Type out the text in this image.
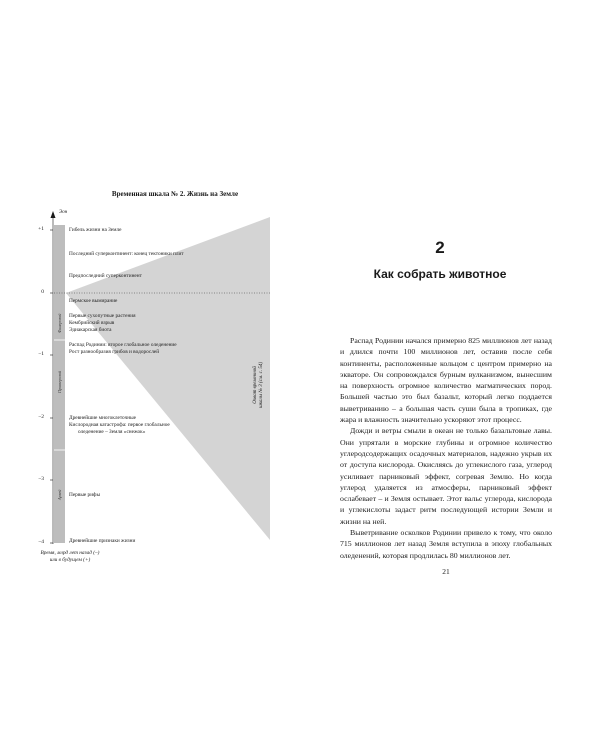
Временная шкала № 2. Жизнь на Земле
Эон
+1
0
−1
−2
−3
−4
Фанерозой
Протерозой
Архей
Гибель жизни на Земле
Последний суперконтинент: конец тектоники плит
Предпоследний суперконтинент
Пермское вымирание
Первые сухопутные растения
Кембрийский взрыв
Эдиакарская биота
Распад Родинии: второе глобальное оледенение
Рост разнообразия грибов и водорослей
Древнейшие многоклеточные
Кислородная катастрофа: первое глобальное
оледенение – Земля «снежок»
Первые рифы
Древнейшие признаки жизни
Охват временной шкалы № 3 (см. с. 54)
Время, млрд лет назад (–)
или в будущем (+)
2
Как собрать животное

Распад Родинии начался примерно 825 миллионов лет назад и длился почти 100 миллионов лет, оставив после себя континенты, расположенные кольцом с центром примерно на экваторе. Он сопровождался бурным вулканизмом, вынесшим на поверхность огромное количество магматических пород. Большей частью это был базальт, который легко поддается выветриванию – а большая часть суши была в тропиках, где жара и влажность значительно ускоряют этот процесс.

Дожди и ветры смыли в океан не только базальтовые лавы. Они упрятали в морские глубины и огромное количество углеродсодержащих осадочных материалов, надежно укрыв их от доступа кислорода. Окисляясь до углекислого газа, углерод усиливает парниковый эффект, согревая Землю. Но когда углерод удаляется из атмосферы, парниковый эффект ослабевает – и Земля остывает. Этот вальс углерода, кислорода и углекислоты задаст ритм последующей истории Земли и жизни на ней.

Выветривание осколков Родинии привело к тому, что около 715 миллионов лет назад Земля вступила в эпоху глобальных оледенений, которая продлилась 80 миллионов лет.

21
